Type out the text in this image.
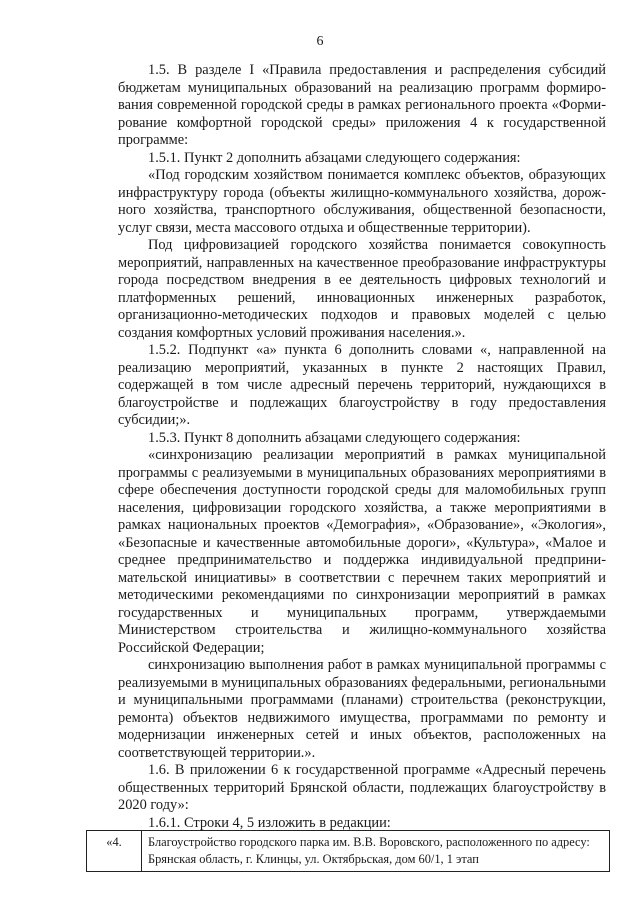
6

1.5. В разделе I «Правила предоставления и распределения субсидий бюджетам муниципальных образований на реализацию программ формирования современной городской среды в рамках регионального проекта «Формирование комфортной городской среды» приложения 4 к государственной программе:

1.5.1. Пункт 2 дополнить абзацами следующего содержания:

«Под городским хозяйством понимается комплекс объектов, образующих инфраструктуру города (объекты жилищно-коммунального хозяйства, дорожного хозяйства, транспортного обслуживания, общественной безопасности, услуг связи, места массового отдыха и общественные территории).

Под цифровизацией городского хозяйства понимается совокупность мероприятий, направленных на качественное преобразование инфраструктуры города посредством внедрения в ее деятельность цифровых технологий и платформенных решений, инновационных инженерных разработок, организационно-методических подходов и правовых моделей с целью создания комфортных условий проживания населения.».

1.5.2. Подпункт «а» пункта 6 дополнить словами «, направленной на реализацию мероприятий, указанных в пункте 2 настоящих Правил, содержащей в том числе адресный перечень территорий, нуждающихся в благоустройстве и подлежащих благоустройству в году предоставления субсидии;».

1.5.3. Пункт 8 дополнить абзацами следующего содержания:

«синхронизацию реализации мероприятий в рамках муниципальной программы с реализуемыми в муниципальных образованиях мероприятиями в сфере обеспечения доступности городской среды для маломобильных групп населения, цифровизации городского хозяйства, а также мероприятиями в рамках национальных проектов «Демография», «Образование», «Экология», «Безопасные и качественные автомобильные дороги», «Культура», «Малое и среднее предпринимательство и поддержка индивидуальной предпринимательской инициативы» в соответствии с перечнем таких мероприятий и методическими рекомендациями по синхронизации мероприятий в рамках государственных и муниципальных программ, утверждаемыми Министерством строительства и жилищно-коммунального хозяйства Российской Федерации;

синхронизацию выполнения работ в рамках муниципальной программы с реализуемыми в муниципальных образованиях федеральными, региональными и муниципальными программами (планами) строительства (реконструкции, ремонта) объектов недвижимого имущества, программами по ремонту и модернизации инженерных сетей и иных объектов, расположенных на соответствующей территории.».

1.6. В приложении 6 к государственной программе «Адресный перечень общественных территорий Брянской области, подлежащих благоустройству в 2020 году»:

1.6.1. Строки 4, 5 изложить в редакции:

«4.	Благоустройство городского парка им. В.В. Воровского, расположенного по адресу: Брянская область, г. Клинцы, ул. Октябрьская, дом 60/1, 1 этап
